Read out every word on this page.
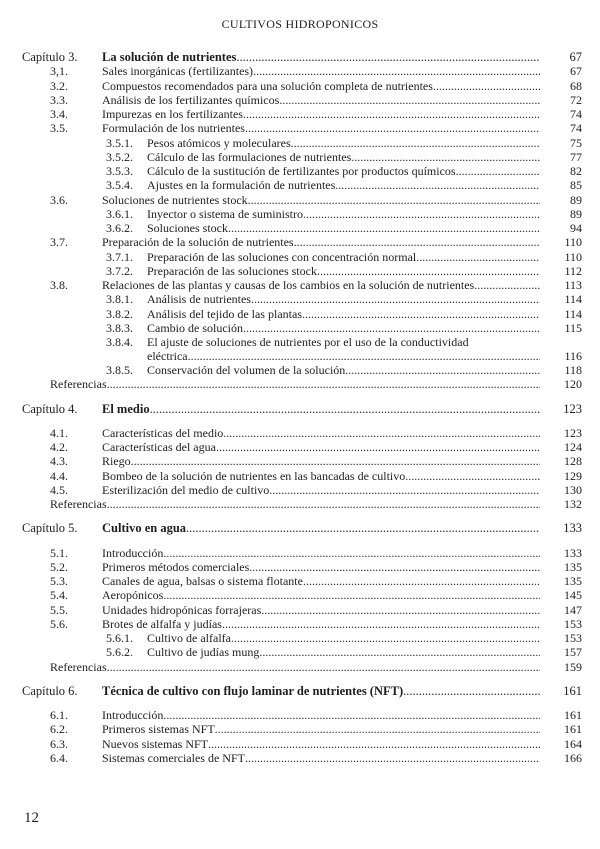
CULTIVOS HIDROPONICOS
Capítulo 3. La solución de nutrientes .....	67
3,1.	Sales inorgánicas (fertilizantes) .....	67
3.2.	Compuestos recomendados para una solución completa de nutrientes .....	68
3.3.	Análisis de los fertilizantes químicos .....	72
3.4.	Impurezas en los fertilizantes .....	74
3.5.	Formulación de los nutrientes .....	74
3.5.1. Pesos atómicos y moleculares .....	75
3.5.2. Cálculo de las formulaciones de nutrientes .....	77
3.5.3. Cálculo de la sustitución de fertilizantes por productos químicos .....	82
3.5.4. Ajustes en la formulación de nutrientes .....	85
3.6.	Soluciones de nutrientes stock .....	89
3.6.1. Inyector o sistema de suministro .....	89
3.6.2. Soluciones stock .....	94
3.7.	Preparación de la solución de nutrientes .....	110
3.7.1. Preparación de las soluciones con concentración normal .....	110
3.7.2. Preparación de las soluciones stock .....	112
3.8.	Relaciones de las plantas y causas de los cambios en la solución de nutrientes. .....	113
3.8.1. Análisis de nutrientes .....	114
3.8.2. Análisis del tejido de las plantas .....	114
3.8.3. Cambio de solución .....	115
3.8.4. El ajuste de soluciones de nutrientes por el uso de la conductividad
eléctrica .....	116
3.8.5. Conservación del volumen de la solución .....	118
Referencias .....	120
Capítulo 4. El medio .....	123
4.1.	Características del medio .....	123
4.2.	Características del agua .....	124
4.3.	Riego .....	128
4.4.	Bombeo de la solución de nutrientes en las bancadas de cultivo .....	129
4.5.	Esterilización del medio de cultivo .....	130
Referencias .....	132
Capítulo 5. Cultivo en agua .....	133
5.1.	Introducción .....	133
5.2.	Primeros métodos comerciales .....	135
5.3.	Canales de agua, balsas o sistema flotante .....	135
5.4.	Aeropónicos .....	145
5.5.	Unidades hidropónicas forrajeras .....	147
5.6.	Brotes de alfalfa y judías .....	153
5.6.1. Cultivo de alfalfa .....	153
5.6.2. Cultivo de judías mung .....	157
Referencias .....	159
Capítulo 6. Técnica de cultivo con flujo laminar de nutrientes (NFT) .....	161
6.1.	Introducción .....	161
6.2.	Primeros sistemas NFT .....	161
6.3.	Nuevos sistemas NFT .....	164
6.4.	Sistemas comerciales de NFT .....	166
12
